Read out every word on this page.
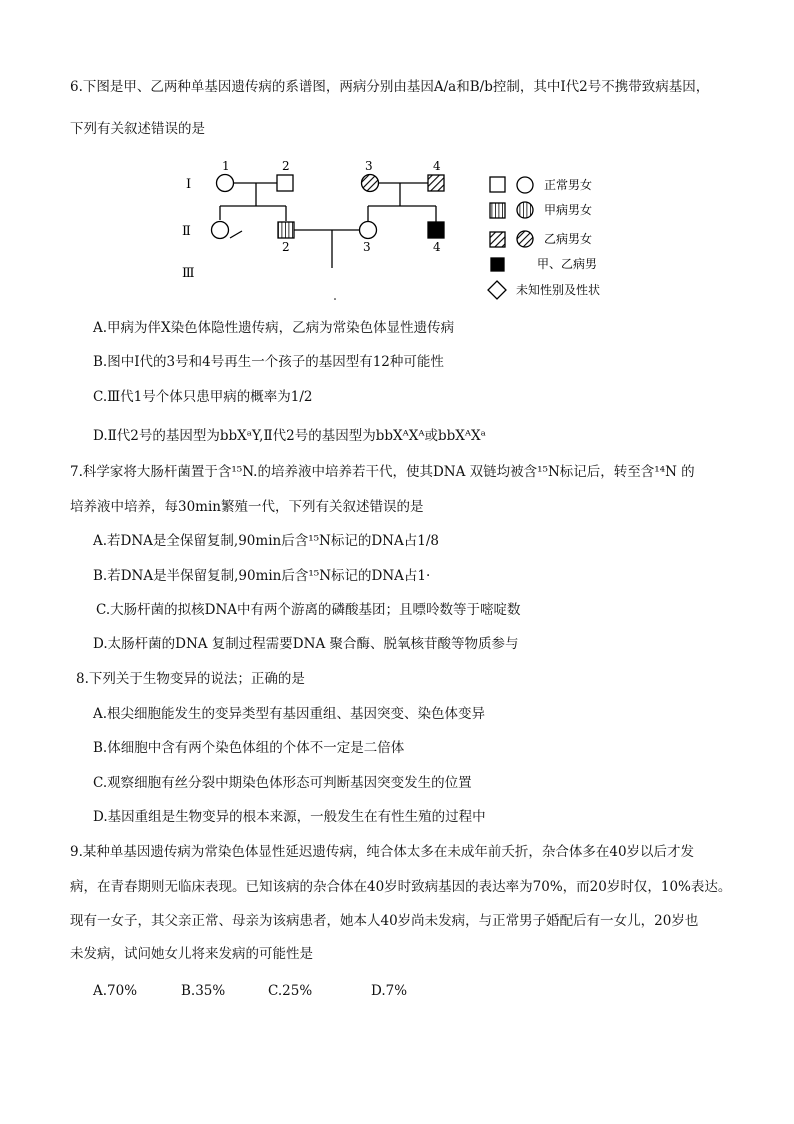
6.下图是甲、乙两种单基因遗传病的系谱图，两病分别由基因A/a和B/b控制，其中Ⅰ代2号不携带致病基因，
下列有关叙述错误的是
Ⅰ
Ⅱ
Ⅲ
1	2	3	4
2	3	4
正常男女
甲病男女
乙病男女
甲、乙病男
未知性别及性状
A.甲病为伴X染色体隐性遗传病，乙病为常染色体显性遗传病
B.图中Ⅰ代的3号和4号再生一个孩子的基因型有12种可能性
C.Ⅲ代1号个体只患甲病的概率为1/2
D.Ⅱ代2号的基因型为bbXᵃY,Ⅱ代2号的基因型为bbXᴬXᴬ或bbXᴬXᵃ
7.科学家将大肠杆菌置于含¹⁵N.的培养液中培养若干代，使其DNA 双链均被含¹⁵N标记后，转至含¹⁴N 的
培养液中培养，每30min繁殖一代，下列有关叙述错误的是
A.若DNA是全保留复制,90min后含¹⁵N标记的DNA占1/8
B.若DNA是半保留复制,90min后含¹⁵N标记的DNA占1·
C.大肠杆菌的拟核DNA中有两个游离的磷酸基团；且嘌呤数等于嘧啶数
D.太肠杆菌的DNA 复制过程需要DNA 聚合酶、脱氧核苷酸等物质参与
8.下列关于生物变异的说法；正确的是
A.根尖细胞能发生的变异类型有基因重组、基因突变、染色体变异
B.体细胞中含有两个染色体组的个体不一定是二倍体
C.观察细胞有丝分裂中期染色体形态可判断基因突变发生的位置
D.基因重组是生物变异的根本来源，一般发生在有性生殖的过程中
9.某种单基因遗传病为常染色体显性延迟遗传病，纯合体太多在未成年前夭折，杂合体多在40岁以后才发
病，在青春期则无临床表现。已知该病的杂合体在40岁时致病基因的表达率为70%，而20岁时仅，10%表达。
现有一女子，其父亲正常、母亲为该病患者，她本人40岁尚未发病，与正常男子婚配后有一女儿，20岁也
未发病，试问她女儿将来发病的可能性是
A.70%	B.35%	C.25%	D.7%
